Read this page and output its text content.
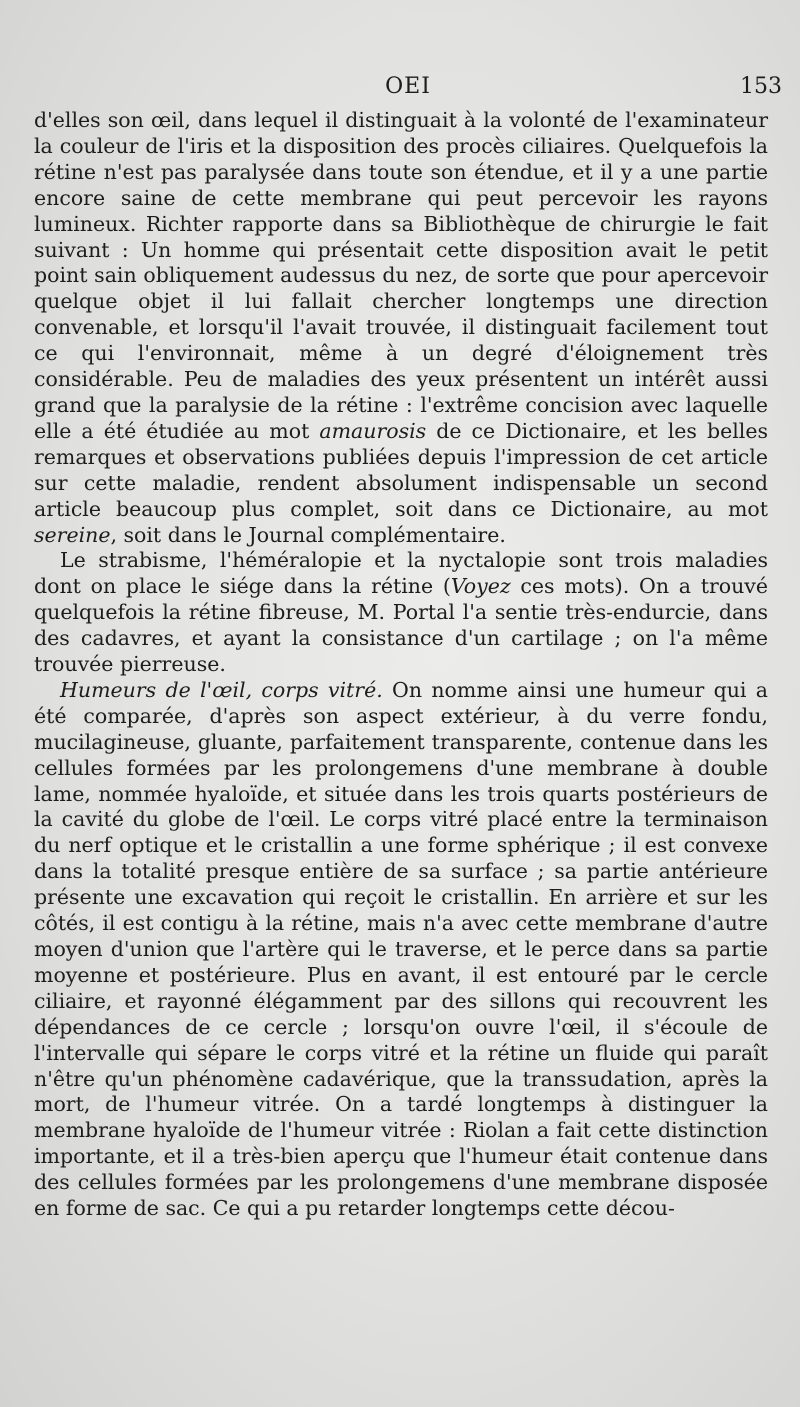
OEI	153

d'elles son œil, dans lequel il distinguait à la volonté de l'examinateur la couleur de l'iris et la disposition des procès ciliaires. Quelquefois la rétine n'est pas paralysée dans toute son étendue, et il y a une partie encore saine de cette membrane qui peut percevoir les rayons lumineux. Richter rapporte dans sa Bibliothèque de chirurgie le fait suivant : Un homme qui présentait cette disposition avait le petit point sain obliquement audessus du nez, de sorte que pour apercevoir quelque objet il lui fallait chercher longtemps une direction convenable, et lorsqu'il l'avait trouvée, il distinguait facilement tout ce qui l'environnait, même à un degré d'éloignement très considérable. Peu de maladies des yeux présentent un intérêt aussi grand que la paralysie de la rétine : l'extrême concision avec laquelle elle a été étudiée au mot amaurosis de ce Dictionaire, et les belles remarques et observations publiées depuis l'impression de cet article sur cette maladie, rendent absolument indispensable un second article beaucoup plus complet, soit dans ce Dictionaire, au mot sereine, soit dans le Journal complémentaire.

Le strabisme, l'héméralopie et la nyctalopie sont trois maladies dont on place le siége dans la rétine (Voyez ces mots). On a trouvé quelquefois la rétine fibreuse, M. Portal l'a sentie très-endurcie, dans des cadavres, et ayant la consistance d'un cartilage ; on l'a même trouvée pierreuse.

Humeurs de l'œil, corps vitré. On nomme ainsi une humeur qui a été comparée, d'après son aspect extérieur, à du verre fondu, mucilagineuse, gluante, parfaitement transparente, contenue dans les cellules formées par les prolongemens d'une membrane à double lame, nommée hyaloïde, et située dans les trois quarts postérieurs de la cavité du globe de l'œil. Le corps vitré placé entre la terminaison du nerf optique et le cristallin a une forme sphérique ; il est convexe dans la totalité presque entière de sa surface ; sa partie antérieure présente une excavation qui reçoit le cristallin. En arrière et sur les côtés, il est contigu à la rétine, mais n'a avec cette membrane d'autre moyen d'union que l'artère qui le traverse, et le perce dans sa partie moyenne et postérieure. Plus en avant, il est entouré par le cercle ciliaire, et rayonné élégamment par des sillons qui recouvrent les dépendances de ce cercle ; lorsqu'on ouvre l'œil, il s'écoule de l'intervalle qui sépare le corps vitré et la rétine un fluide qui paraît n'être qu'un phénomène cadavérique, que la transsudation, après la mort, de l'humeur vitrée. On a tardé longtemps à distinguer la membrane hyaloïde de l'humeur vitrée : Riolan a fait cette distinction importante, et il a très-bien aperçu que l'humeur était contenue dans des cellules formées par les prolongemens d'une membrane disposée en forme de sac. Ce qui a pu retarder longtemps cette décou-
